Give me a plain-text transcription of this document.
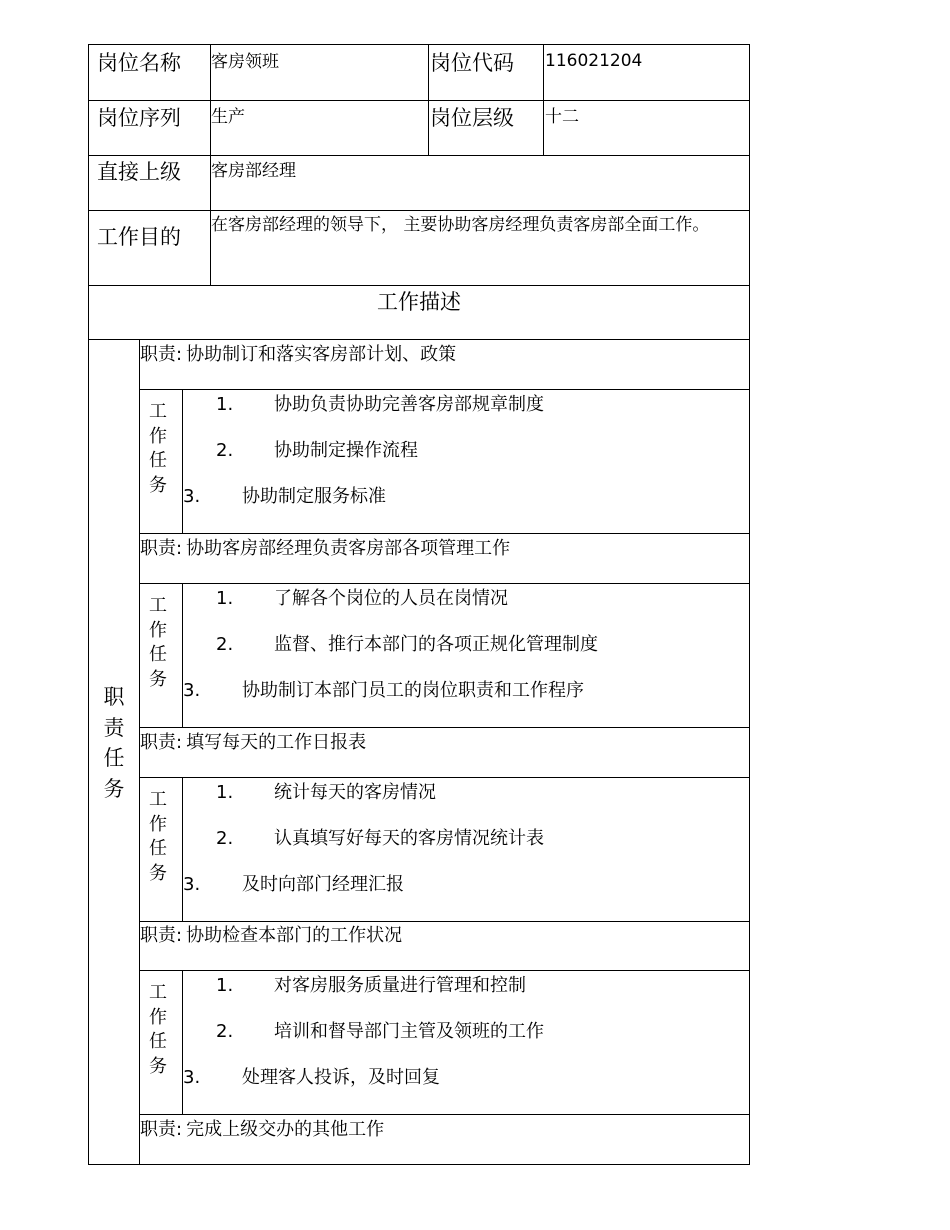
岗位名称 客房领班	岗位代码 116021204
岗位序列 生产	岗位层级 十二
直接上级 客房部经理
工作目的 在客房部经理的领导下， 主要协助客房经理负责客房部全面工作。
工作描述
职责任务
职责: 协助制订和落实客房部计划、政策
工作任务
1. 协助负责协助完善客房部规章制度
2. 协助制定操作流程
3. 协助制定服务标准
职责: 协助客房部经理负责客房部各项管理工作
工作任务
1. 了解各个岗位的人员在岗情况
2. 监督、推行本部门的各项正规化管理制度
3. 协助制订本部门员工的岗位职责和工作程序
职责: 填写每天的工作日报表
工作任务
1. 统计每天的客房情况
2. 认真填写好每天的客房情况统计表
3. 及时向部门经理汇报
职责: 协助检查本部门的工作状况
工作任务
1. 对客房服务质量进行管理和控制
2. 培训和督导部门主管及领班的工作
3. 处理客人投诉，及时回复
职责: 完成上级交办的其他工作
